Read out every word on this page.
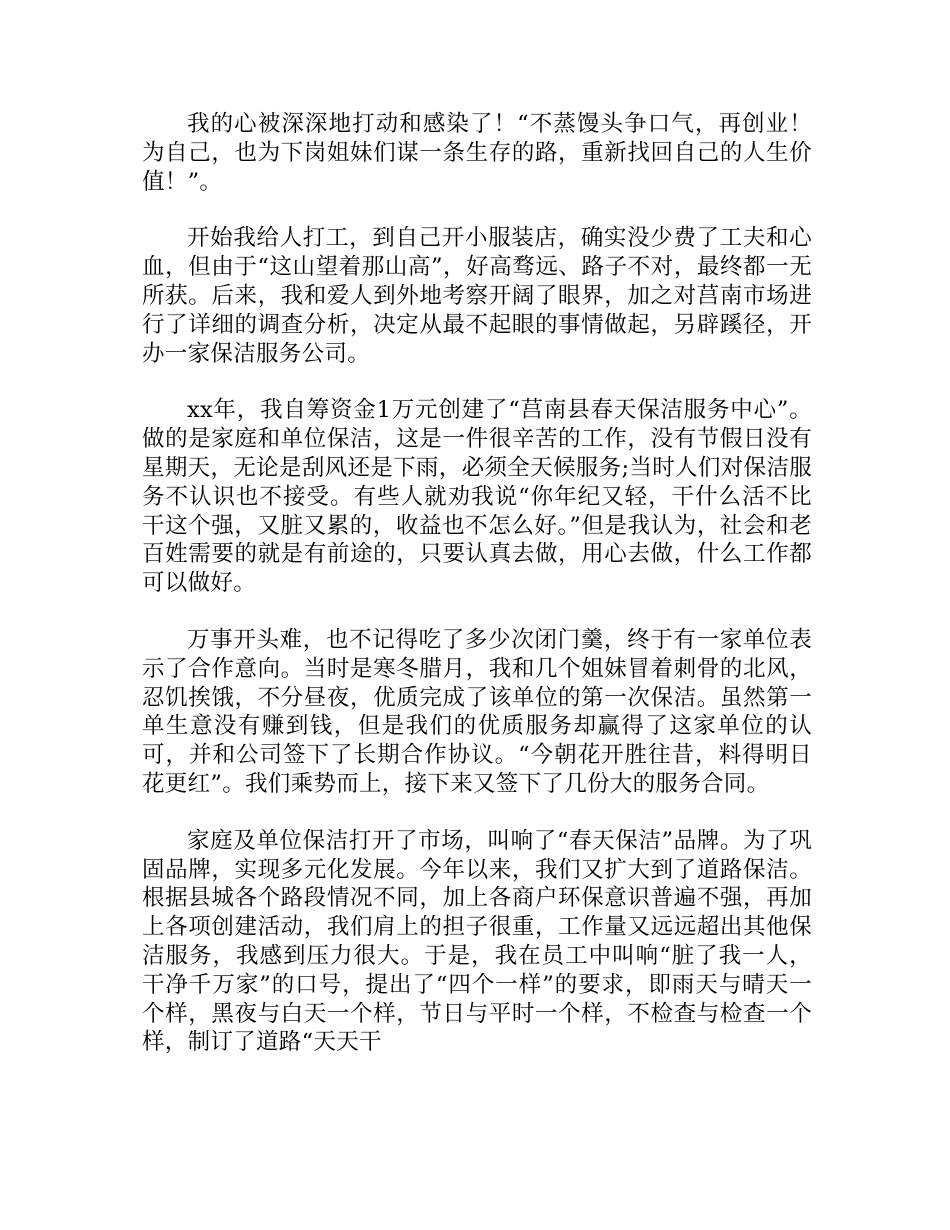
我的心被深深地打动和感染了！“不蒸馒头争口气，再创业！为自己，也为下岗姐妹们谋一条生存的路，重新找回自己的人生价值！”。

开始我给人打工，到自己开小服装店，确实没少费了工夫和心血，但由于“这山望着那山高”，好高骛远、路子不对，最终都一无所获。后来，我和爱人到外地考察开阔了眼界，加之对莒南市场进行了详细的调查分析，决定从最不起眼的事情做起，另辟蹊径，开办一家保洁服务公司。

xx年，我自筹资金1万元创建了“莒南县春天保洁服务中心”。做的是家庭和单位保洁，这是一件很辛苦的工作，没有节假日没有星期天，无论是刮风还是下雨，必须全天候服务;当时人们对保洁服务不认识也不接受。有些人就劝我说“你年纪又轻，干什么活不比干这个强，又脏又累的，收益也不怎么好。”但是我认为，社会和老百姓需要的就是有前途的，只要认真去做，用心去做，什么工作都可以做好。

万事开头难，也不记得吃了多少次闭门羹，终于有一家单位表示了合作意向。当时是寒冬腊月，我和几个姐妹冒着刺骨的北风，忍饥挨饿，不分昼夜，优质完成了该单位的第一次保洁。虽然第一单生意没有赚到钱，但是我们的优质服务却赢得了这家单位的认可，并和公司签下了长期合作协议。“今朝花开胜往昔，料得明日花更红”。我们乘势而上，接下来又签下了几份大的服务合同。

家庭及单位保洁打开了市场，叫响了“春天保洁”品牌。为了巩固品牌，实现多元化发展。今年以来，我们又扩大到了道路保洁。根据县城各个路段情况不同，加上各商户环保意识普遍不强，再加上各项创建活动，我们肩上的担子很重，工作量又远远超出其他保洁服务，我感到压力很大。于是，我在员工中叫响“脏了我一人，干净千万家”的口号，提出了“四个一样”的要求，即雨天与晴天一个样，黑夜与白天一个样，节日与平时一个样，不检查与检查一个样，制订了道路“天天干
